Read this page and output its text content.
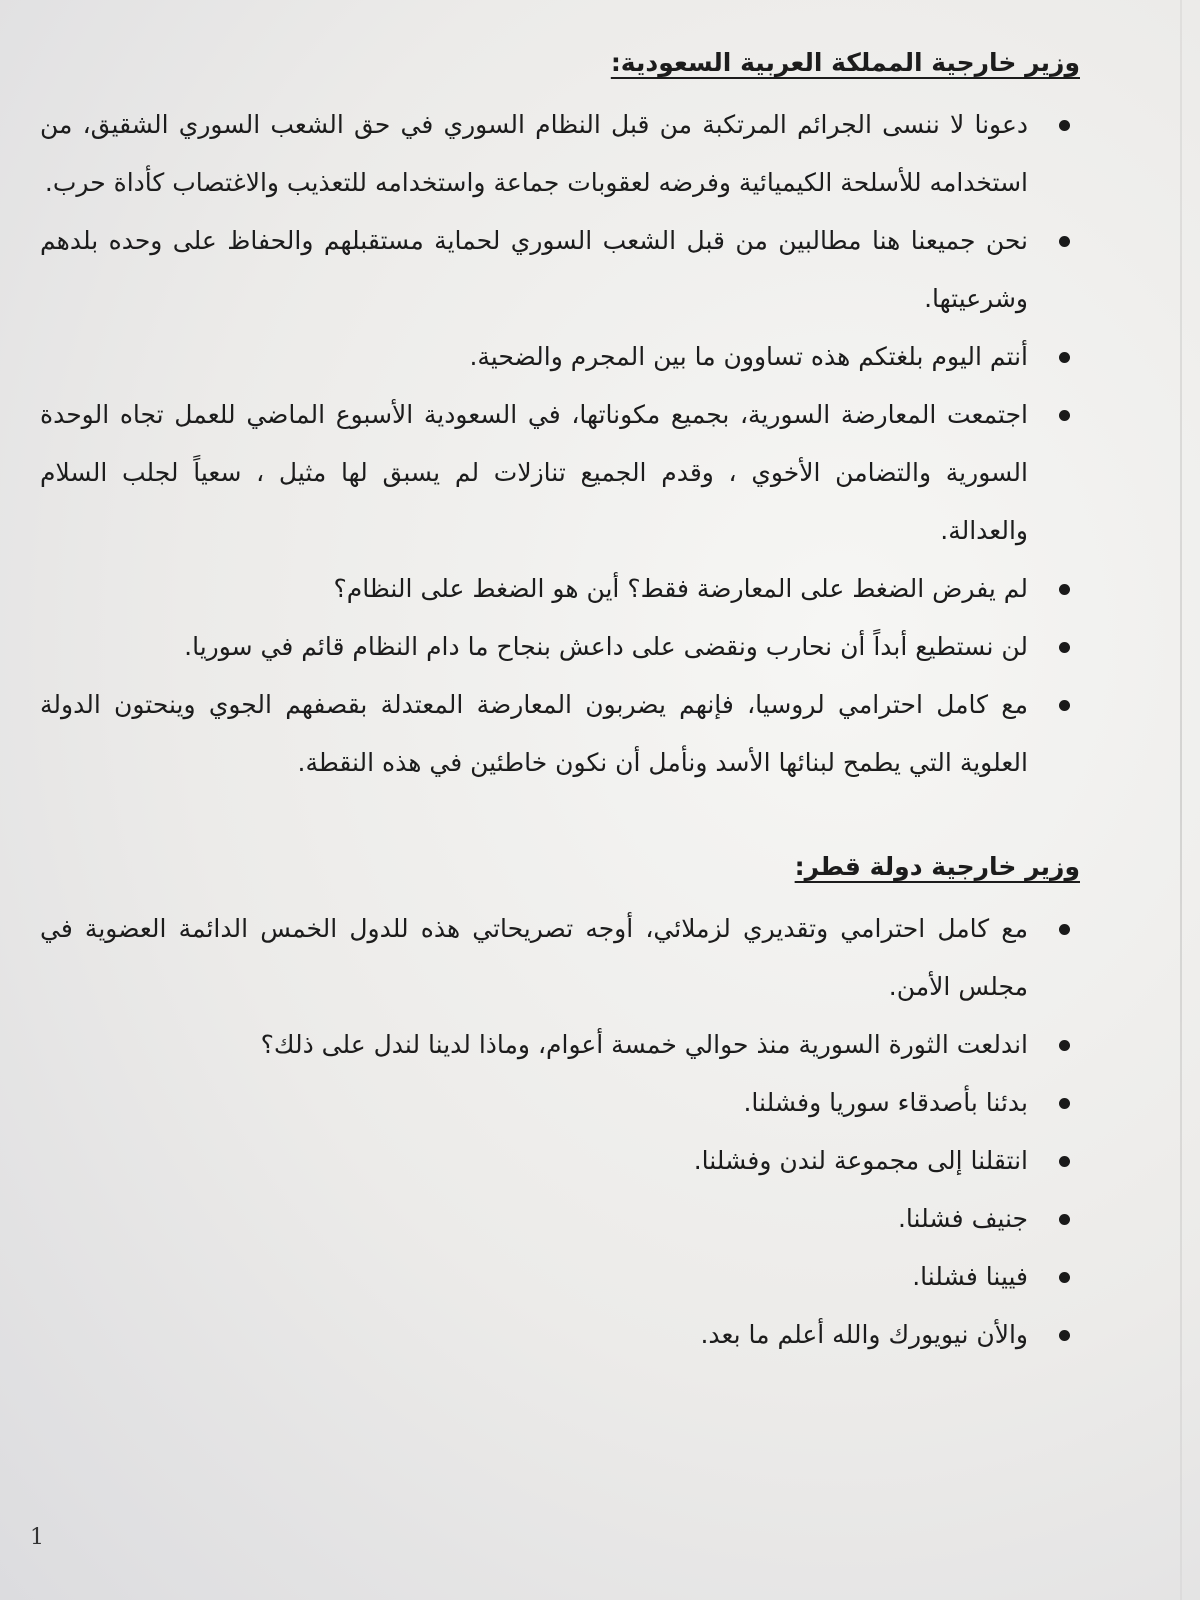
وزير خارجية المملكة العربية السعودية:
دعونا لا ننسى الجرائم المرتكبة من قبل النظام السوري في حق الشعب السوري الشقيق، من استخدامه للأسلحة الكيميائية وفرضه لعقوبات جماعة واستخدامه للتعذيب والاغتصاب كأداة حرب.
نحن جميعنا هنا مطالبين من قبل الشعب السوري لحماية مستقبلهم والحفاظ على وحده بلدهم وشرعيتها.
أنتم اليوم بلغتكم هذه تساوون ما بين المجرم والضحية.
اجتمعت المعارضة السورية، بجميع مكوناتها، في السعودية الأسبوع الماضي للعمل تجاه الوحدة السورية والتضامن الأخوي ، وقدم الجميع تنازلات لم يسبق لها مثيل ، سعياً لجلب السلام والعدالة.
لم يفرض الضغط على المعارضة فقط؟ أين هو الضغط على النظام؟
لن نستطيع أبداً أن نحارب ونقضى على داعش بنجاح ما دام النظام قائم في سوريا.
مع كامل احترامي لروسيا، فإنهم يضربون المعارضة المعتدلة بقصفهم الجوي وينحتون الدولة العلوية التي يطمح لبنائها الأسد ونأمل أن نكون خاطئين في هذه النقطة.
وزير خارجية دولة قطر:
مع كامل احترامي وتقديري لزملائي، أوجه تصريحاتي هذه للدول الخمس الدائمة العضوية في مجلس الأمن.
اندلعت الثورة السورية منذ حوالي خمسة أعوام، وماذا لدينا لندل على ذلك؟
بدئنا بأصدقاء سوريا وفشلنا.
انتقلنا إلى مجموعة لندن وفشلنا.
جنيف فشلنا.
فيينا فشلنا.
والأن نيويورك والله أعلم ما بعد.
1
